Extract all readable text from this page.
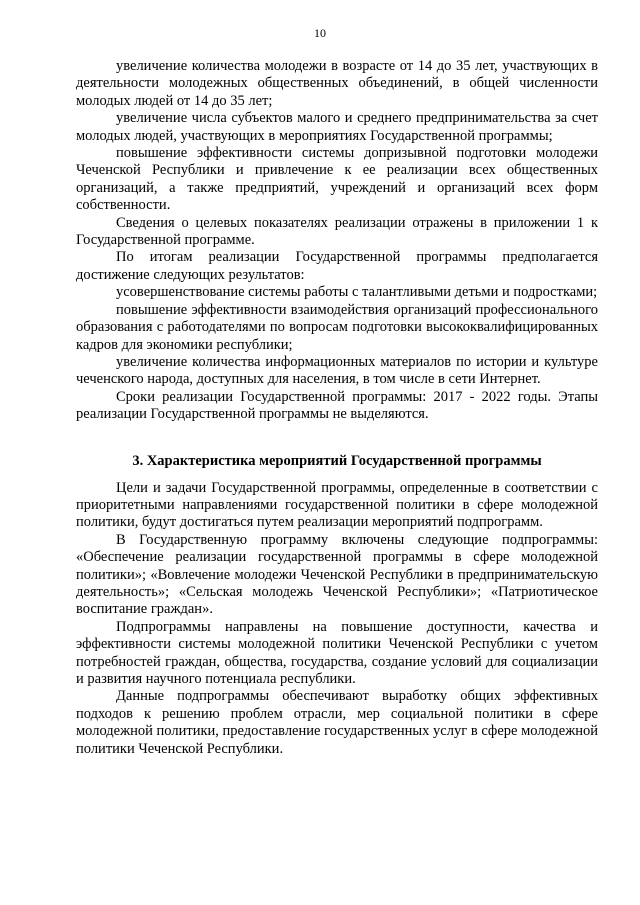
10

увеличение количества молодежи в возрасте от 14 до 35 лет, участвующих в деятельности молодежных общественных объединений, в общей численности молодых людей от 14 до 35 лет;

увеличение числа субъектов малого и среднего предпринимательства за счет молодых людей, участвующих в мероприятиях Государственной программы;

повышение эффективности системы допризывной подготовки молодежи Чеченской Республики и привлечение к ее реализации всех общественных организаций, а также предприятий, учреждений и организаций всех форм собственности.

Сведения о целевых показателях реализации отражены в приложении 1 к Государственной программе.

По итогам реализации Государственной программы предполагается достижение следующих результатов:

усовершенствование системы работы с талантливыми детьми и подростками;

повышение эффективности взаимодействия организаций профессионального образования с работодателями по вопросам подготовки высококвалифицированных кадров для экономики республики;

увеличение количества информационных материалов по истории и культуре чеченского народа, доступных для населения, в том числе в сети Интернет.

Сроки реализации Государственной программы: 2017 - 2022 годы. Этапы реализации Государственной программы не выделяются.

3. Характеристика мероприятий Государственной программы

Цели и задачи Государственной программы, определенные в соответствии с приоритетными направлениями государственной политики в сфере молодежной политики, будут достигаться путем реализации мероприятий подпрограмм.

В Государственную программу включены следующие подпрограммы: «Обеспечение реализации государственной программы в сфере молодежной политики»; «Вовлечение молодежи Чеченской Республики в предпринимательскую деятельность»; «Сельская молодежь Чеченской Республики»; «Патриотическое воспитание граждан».

Подпрограммы направлены на повышение доступности, качества и эффективности системы молодежной политики Чеченской Республики с учетом потребностей граждан, общества, государства, создание условий для социализации и развития научного потенциала республики.

Данные подпрограммы обеспечивают выработку общих эффективных подходов к решению проблем отрасли, мер социальной политики в сфере молодежной политики, предоставление государственных услуг в сфере молодежной политики Чеченской Республики.
